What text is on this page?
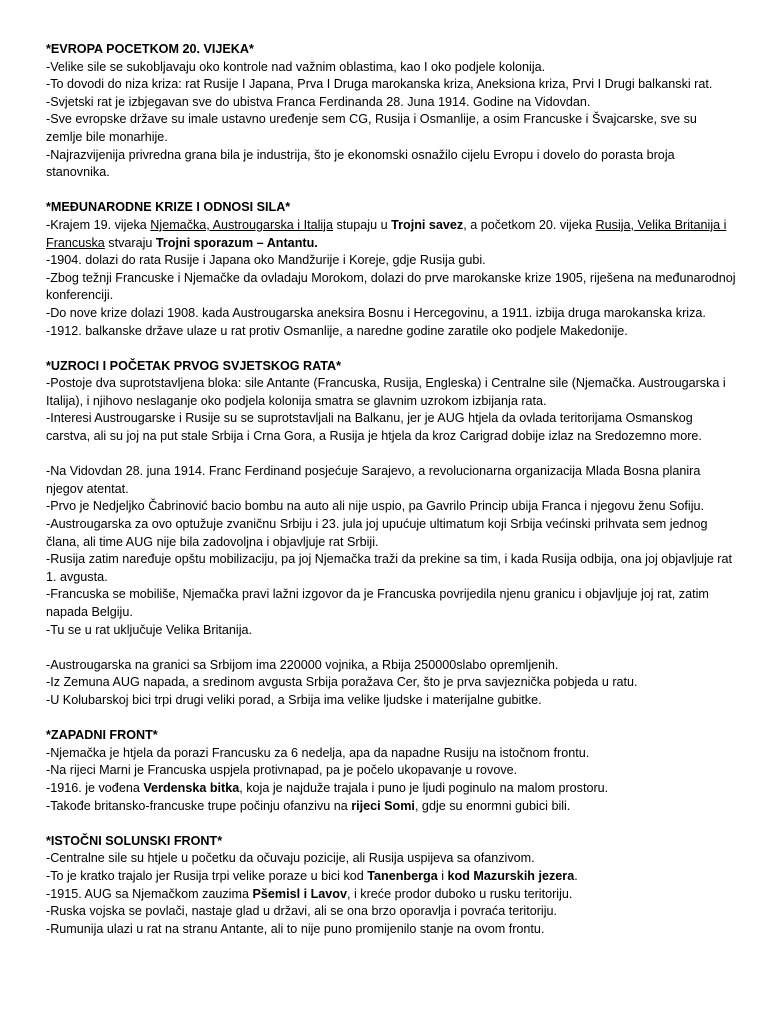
*EVROPA POCETKOM 20. VIJEKA*
-Velike sile se sukobljavaju oko kontrole nad važnim oblastima, kao I oko podjele kolonija.
-To dovodi do niza kriza: rat Rusije I Japana, Prva I Druga marokanska kriza, Aneksiona kriza, Prvi I Drugi balkanski rat.
-Svjetski rat je izbjegavan sve do ubistva Franca Ferdinanda 28. Juna 1914. Godine na Vidovdan.
-Sve evropske države su imale ustavno uređenje sem CG, Rusija i Osmanlije, a osim Francuske i Švajcarske, sve su zemlje bile monarhije.
-Najrazvijenija privredna grana bila je industrija, što je ekonomski osnažilo cijelu Evropu i dovelo do porasta broja stanovnika.
*MEĐUNARODNE KRIZE I ODNOSI SILA*
-Krajem 19. vijeka Njemačka, Austrougarska i Italija stupaju u Trojni savez, a početkom 20. vijeka Rusija, Velika Britanija i Francuska stvaraju Trojni sporazum – Antantu.
-1904. dolazi do rata Rusije i Japana oko Mandžurije i Koreje, gdje Rusija gubi.
-Zbog težnji Francuske i Njemačke da ovladaju Morokom, dolazi do prve marokanske krize 1905, riješena na međunarodnoj konferenciji.
-Do nove krize dolazi 1908. kada Austrougarska aneksira Bosnu i Hercegovinu, a 1911. izbija druga marokanska kriza.
-1912. balkanske države ulaze u rat protiv Osmanlije, a naredne godine zaratile oko podjele Makedonije.
*UZROCI I POČETAK PRVOG SVJETSKOG RATA*
-Postoje dva suprotstavljena bloka: sile Antante (Francuska, Rusija, Engleska) i Centralne sile (Njemačka. Austrougarska i Italija), i njihovo neslaganje oko podjela kolonija smatra se glavnim uzrokom izbijanja rata.
-Interesi Austrougarske i Rusije su se suprotstavljali na Balkanu, jer je AUG htjela da ovlada teritorijama Osmanskog carstva, ali su joj na put stale Srbija i Crna Gora, a Rusija je htjela da kroz Carigrad dobije izlaz na Sredozemno more.
-Na Vidovdan 28. juna 1914. Franc Ferdinand posjećuje Sarajevo, a revolucionarna organizacija Mlada Bosna planira njegov atentat.
-Prvo je Nedjeljko Čabrinović bacio bombu na auto ali nije uspio, pa Gavrilo Princip ubija Franca i njegovu ženu Sofiju.
-Austrougarska za ovo optužuje zvaničnu Srbiju i 23. jula joj upućuje ultimatum koji Srbija većinski prihvata sem jednog člana, ali time AUG nije bila zadovoljna i objavljuje rat Srbiji.
-Rusija zatim naređuje opštu mobilizaciju, pa joj Njemačka traži da prekine sa tim, i kada Rusija odbija, ona joj objavljuje rat 1. avgusta.
-Francuska se mobiliše, Njemačka pravi lažni izgovor da je Francuska povrijedila njenu granicu i objavljuje joj rat, zatim napada Belgiju.
-Tu se u rat uključuje Velika Britanija.
-Austrougarska na granici sa Srbijom ima 220000 vojnika, a Rbija 250000slabo opremljenih.
-Iz Zemuna AUG napada, a sredinom avgusta Srbija poražava Cer, što je prva savjeznička pobjeda u ratu.
-U Kolubarskoj bici trpi drugi veliki porad, a Srbija ima velike ljudske i materijalne gubitke.
*ZAPADNI FRONT*
-Njemačka je htjela da porazi Francusku za 6 nedelja, apa da napadne Rusiju na istočnom frontu.
-Na rijeci Marni je Francuska uspjela protivnapad, pa je počelo ukopavanje u rovove.
-1916. je vođena Verdenska bitka, koja je najduže trajala i puno je ljudi poginulo na malom prostoru.
-Takođe britansko-francuske trupe počinju ofanzivu na rijeci Somi, gdje su enormni gubici bili.
*ISTOČNI SOLUNSKI FRONT*
-Centralne sile su htjele u početku da očuvaju pozicije, ali Rusija uspijeva sa ofanzivom.
-To je kratko trajalo jer Rusija trpi velike poraze u bici kod Tanenberga i kod Mazurskih jezera.
-1915. AUG sa Njemačkom zauzima Pšemisl i Lavov, i kreće prodor duboko u rusku teritoriju.
-Ruska vojska se povlači, nastaje glad u državi, ali se ona brzo oporavlja i povraća teritoriju.
-Rumunija ulazi u rat na stranu Antante, ali to nije puno promijenilo stanje na ovom frontu.
